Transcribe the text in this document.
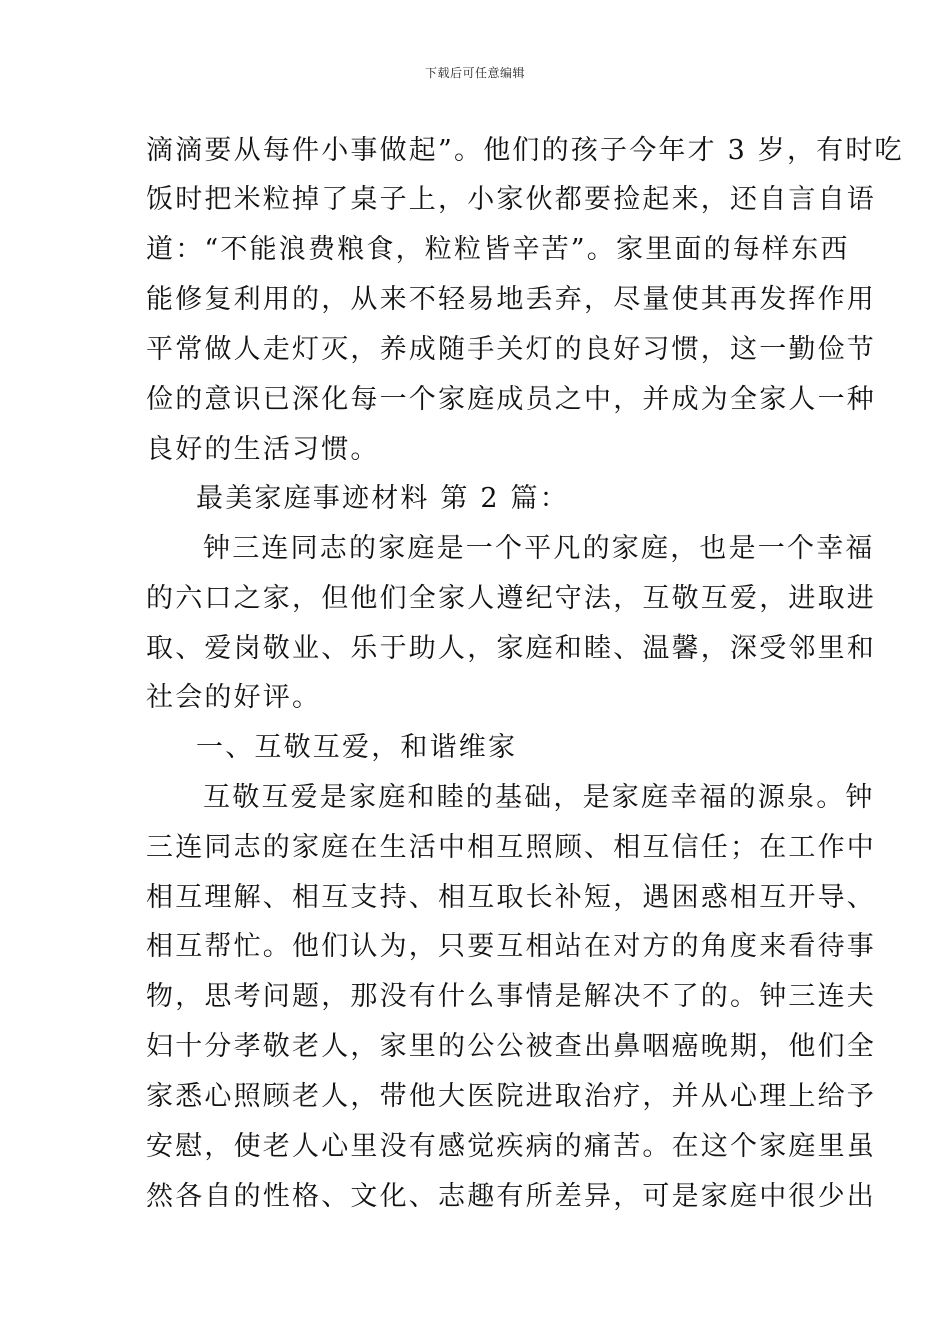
下载后可任意编辑
滴滴要从每件小事做起”。他们的孩子今年才 3 岁，有时吃
饭时把米粒掉了桌子上，小家伙都要捡起来，还自言自语
道：“不能浪费粮食，粒粒皆辛苦”。家里面的每样东西
能修复利用的，从来不轻易地丢弃，尽量使其再发挥作用
平常做人走灯灭，养成随手关灯的良好习惯，这一勤俭节
俭的意识已深化每一个家庭成员之中，并成为全家人一种
良好的生活习惯。
最美家庭事迹材料 第 2 篇：
钟三连同志的家庭是一个平凡的家庭，也是一个幸福
的六口之家，但他们全家人遵纪守法，互敬互爱，进取进
取、爱岗敬业、乐于助人，家庭和睦、温馨，深受邻里和
社会的好评。
一、互敬互爱，和谐维家
互敬互爱是家庭和睦的基础，是家庭幸福的源泉。钟
三连同志的家庭在生活中相互照顾、相互信任；在工作中
相互理解、相互支持、相互取长补短，遇困惑相互开导、
相互帮忙。他们认为，只要互相站在对方的角度来看待事
物，思考问题，那没有什么事情是解决不了的。钟三连夫
妇十分孝敬老人，家里的公公被查出鼻咽癌晚期，他们全
家悉心照顾老人，带他大医院进取治疗，并从心理上给予
安慰，使老人心里没有感觉疾病的痛苦。在这个家庭里虽
然各自的性格、文化、志趣有所差异，可是家庭中很少出
